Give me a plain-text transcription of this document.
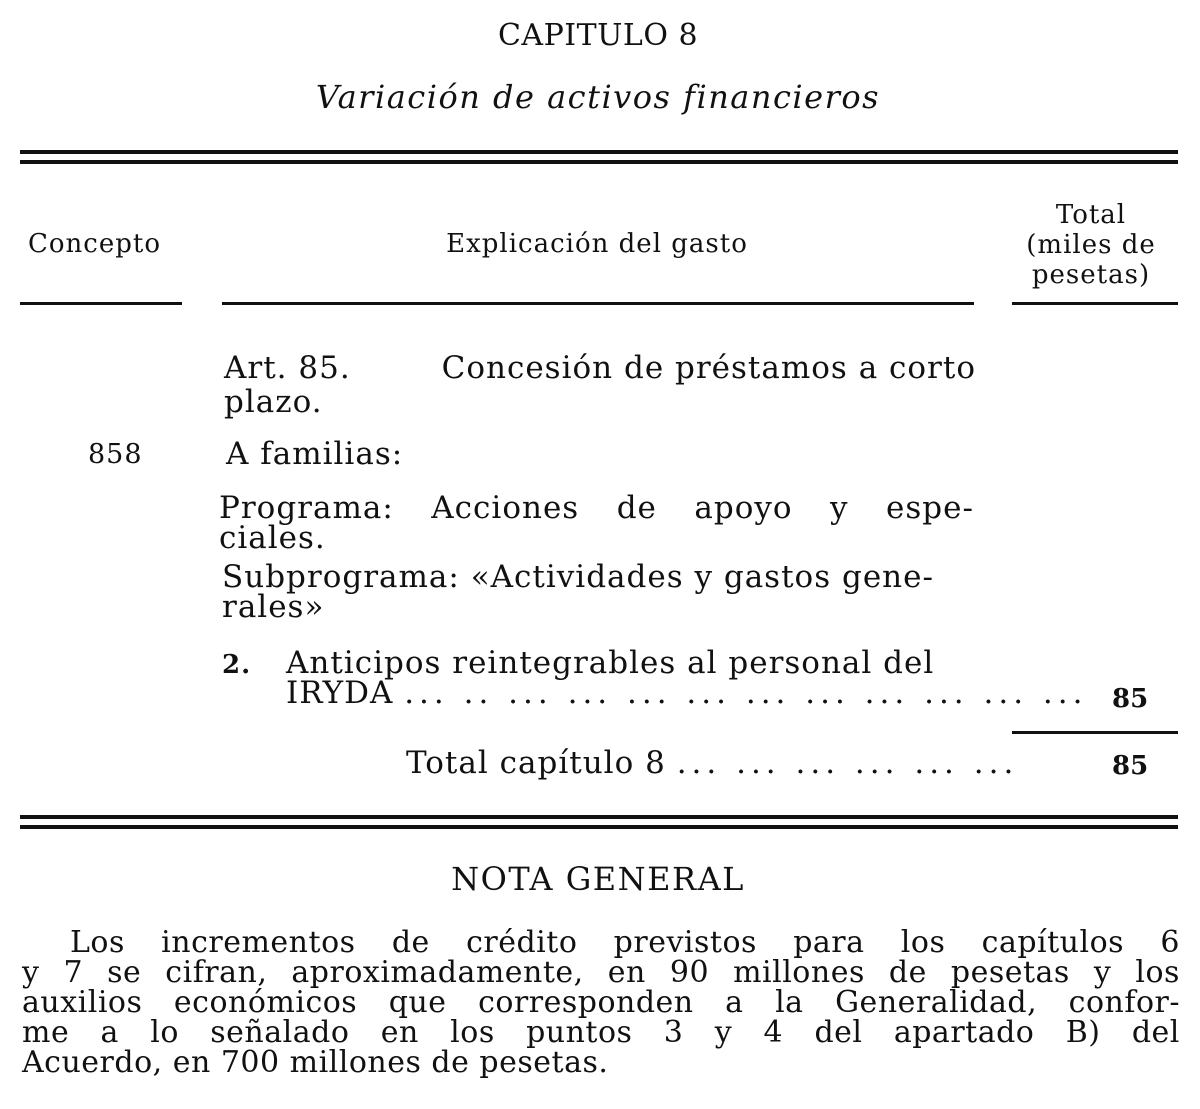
CAPITULO 8
Variación de activos financieros
Concepto	Explicación del gasto
Total
(miles de
pesetas)
Art. 85.	Concesión de préstamos a corto
plazo.
858	A familias:
Programa: Acciones de apoyo y espe-
ciales.
Subprograma: «Actividades y gastos gene-
rales»
2. Anticipos reintegrables al personal del
IRYDA ... .. ... ... ... ... ... ... ... ... ... ... 85
Total capítulo 8 ... ... ... ... ... ...	85
NOTA GENERAL
Los incrementos de crédito previstos para los capítulos 6
y 7 se cifran, aproximadamente, en 90 millones de pesetas y los
auxilios económicos que corresponden a la Generalidad, confor-
me a lo señalado en los puntos 3 y 4 del apartado B) del
Acuerdo, en 700 millones de pesetas.
